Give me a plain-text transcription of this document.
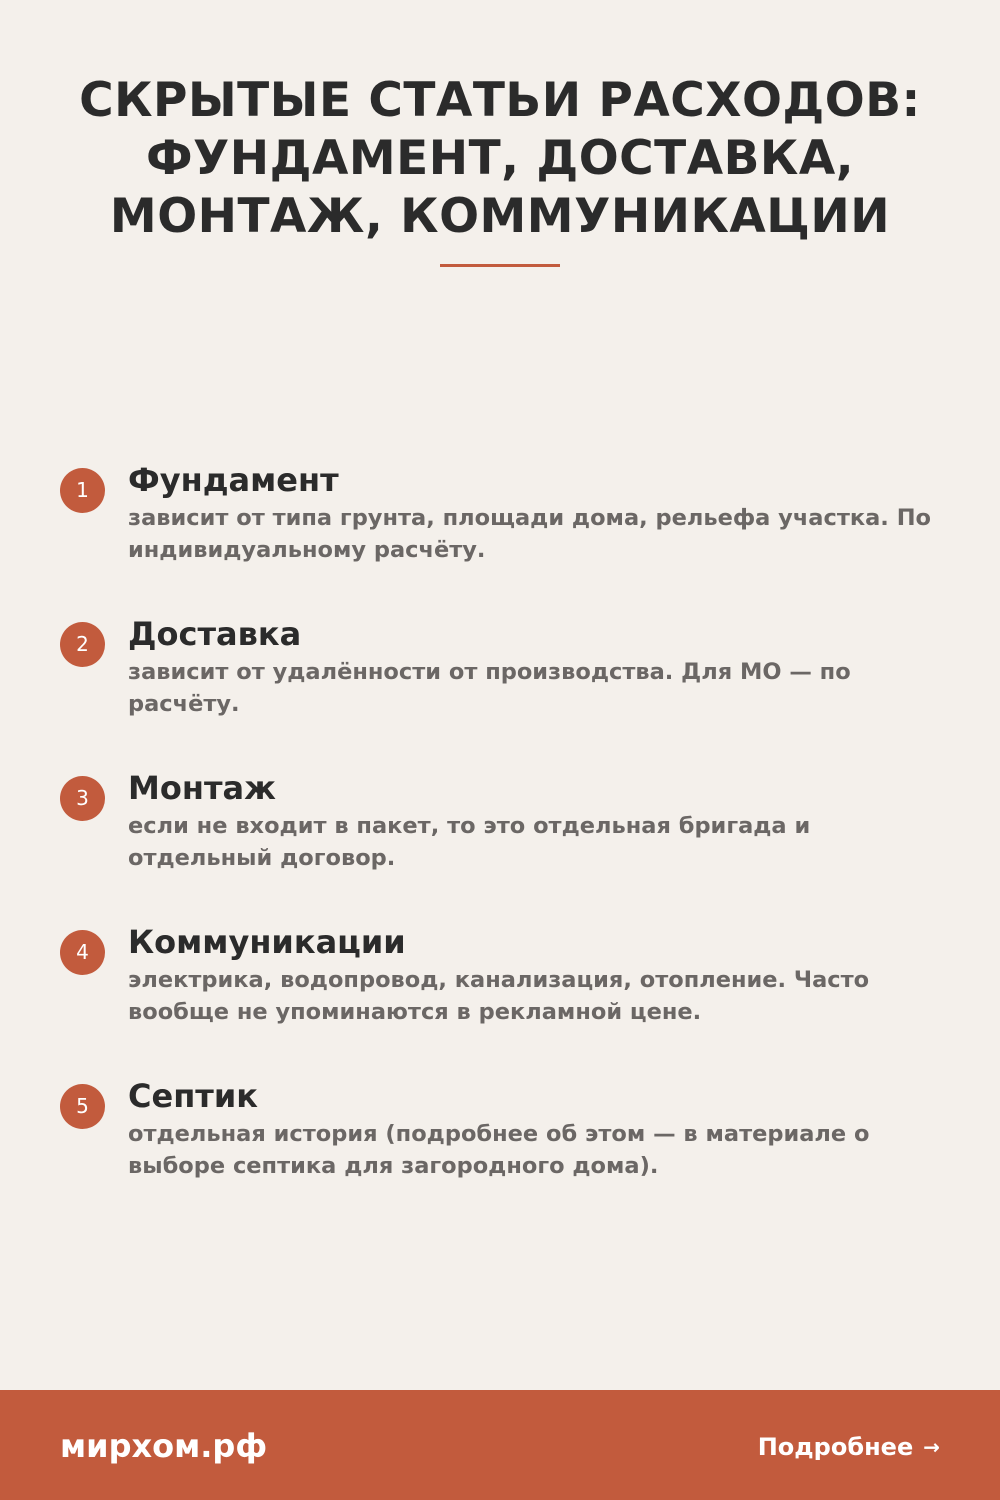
СКРЫТЫЕ СТАТЬИ РАСХОДОВ:
ФУНДАМЕНТ, ДОСТАВКА,
МОНТАЖ, КОММУНИКАЦИИ
1	Фундамент
зависит от типа грунта, площади дома, рельефа участка. По индивидуальному расчёту.
2	Доставка
зависит от удалённости от производства. Для МО — по расчёту.
3	Монтаж
если не входит в пакет, то это отдельная бригада и отдельный договор.
4	Коммуникации
электрика, водопровод, канализация, отопление. Часто вообще не упоминаются в рекламной цене.
5	Септик
отдельная история (подробнее об этом — в материале о выборе септика для загородного дома).
мирхом.рф	Подробнее →
